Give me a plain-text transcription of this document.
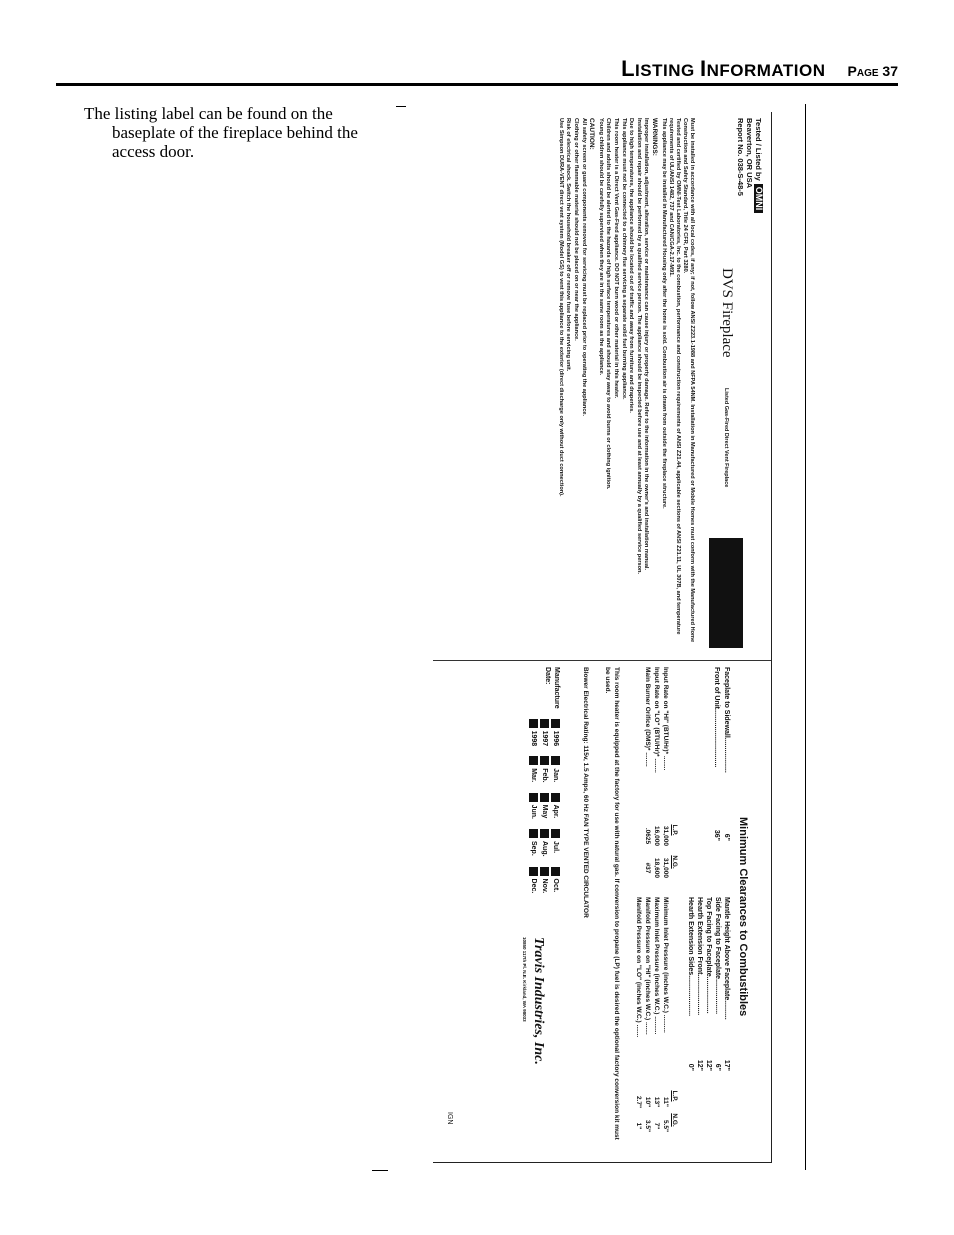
LISTING INFORMATION Page 37

The listing label can be found on the baseplate of the fireplace behind the access door.	Tested / Listed byOMNIBeaverton, OR USA
Report No. 038-S-48-5
DVS Fireplace
Listed Gas-Fired Direct Vent Fireplace
Must be installed in accordance with all local codes, if any; if not, follow ANSI Z223.1-1988 and NFPA 54NM. Installation in Manufactured or Mobile Homes must conform with the Manufactured Home Construction and Safety Standard, Title 24 CFR, Part 3280.
Tested and certified by OMNI-Test Laboratories, Inc. to the combustion, performance and construction requirements of ANSI Z21.44, applicable sections of ANSI Z21.11, UL 307B, and temperature requirements of UL/ANSI 1482, 737 and CAN/CGA-2.17-M91.
This appliance may be installed in Manufactured Housing only after the home is sold. Combustion air is drawn from outside the fireplace structure.
WARNINGS:
Improper installation, adjustment, alteration, service or maintenance can cause injury or property damage. Refer to the information in the owner's and installation manual.
Installation and repair should be performed by a qualified service person. The appliance should be inspected before use and at least annually by a qualified service person.
Due to high temperatures, the appliance should be located out of traffic and away from furniture and draperies.
This appliance must not be connected to a chimney flue servicing a separate solid fuel burning appliance.
This room heater is a Direct Vent Gas-Fired appliance. DO NOT burn wood or other material in this heater.
Children and adults should be alerted to the hazards of high surface temperatures and should stay away to avoid burns or clothing ignition.
Young children should be carefully supervised when they are in the same room as the appliance.
CAUTION:
All safety screen or guard components removed for servicing must be replaced prior to operating the appliance.
Clothing or other flammable material should not be placed on or near the appliance.
Risk of electrical shock. Switch the household breaker off or remove fuse before servicing unit.
Use Simpson DURA-VENT direct vent system (Model GS) to vent this appliance to the exterior (direct discharge only without duct connection).
Minimum Clearances to Combustibles
Faceplate to Sidewall..................
6"
Front of Unit..............................
36"
Mantle Height Above Faceplate..........
17"
Side Facing to Faceplate..................
6"
Top Facing to Faceplate...................
12"
Hearth Extension Front.....................
12"
Hearth Extension Sides.....................
0"
L.P.
N.G.
Input Rate on "HI" (BTU/Hr)* ........
31,000
31,000
Input Rate on "LO" (BTU/Hr)* ........
16,000
18,600
Main Burner Orifice (DMS)* ........
.0625
#37
L.P.
N.G.
Minimum Inlet Pressure (inches W.C.) ..........
11"
5.5"
Maximum Inlet Pressure (inches W.C.) ..........
13"
7"
Manifold Pressure on "HI" (inches W.C.) .......
10"
3.5"
Manifold Pressure on "LO" (inches W.C.) .......
2.7"
1"
This room heater is equipped at the factory for use with natural gas. If conversion to propane (LP) fuel is desired the optional factory conversion kit must be used.
Blower Electrical Rating: 115v, 1.5 Amps, 60 Hz FAN TYPE VENTED CIRCULATOR
Manufacture
Date:
1996
1997
1998
Jan.
Feb.
Mar.
Apr.
May
Jun.
Jul.
Aug.
Sep.
Oct.
Nov.
Dec.
Travis Industries, Inc.
10850 117th Pl. N.E. Kirkland, WA 98033
IGN
